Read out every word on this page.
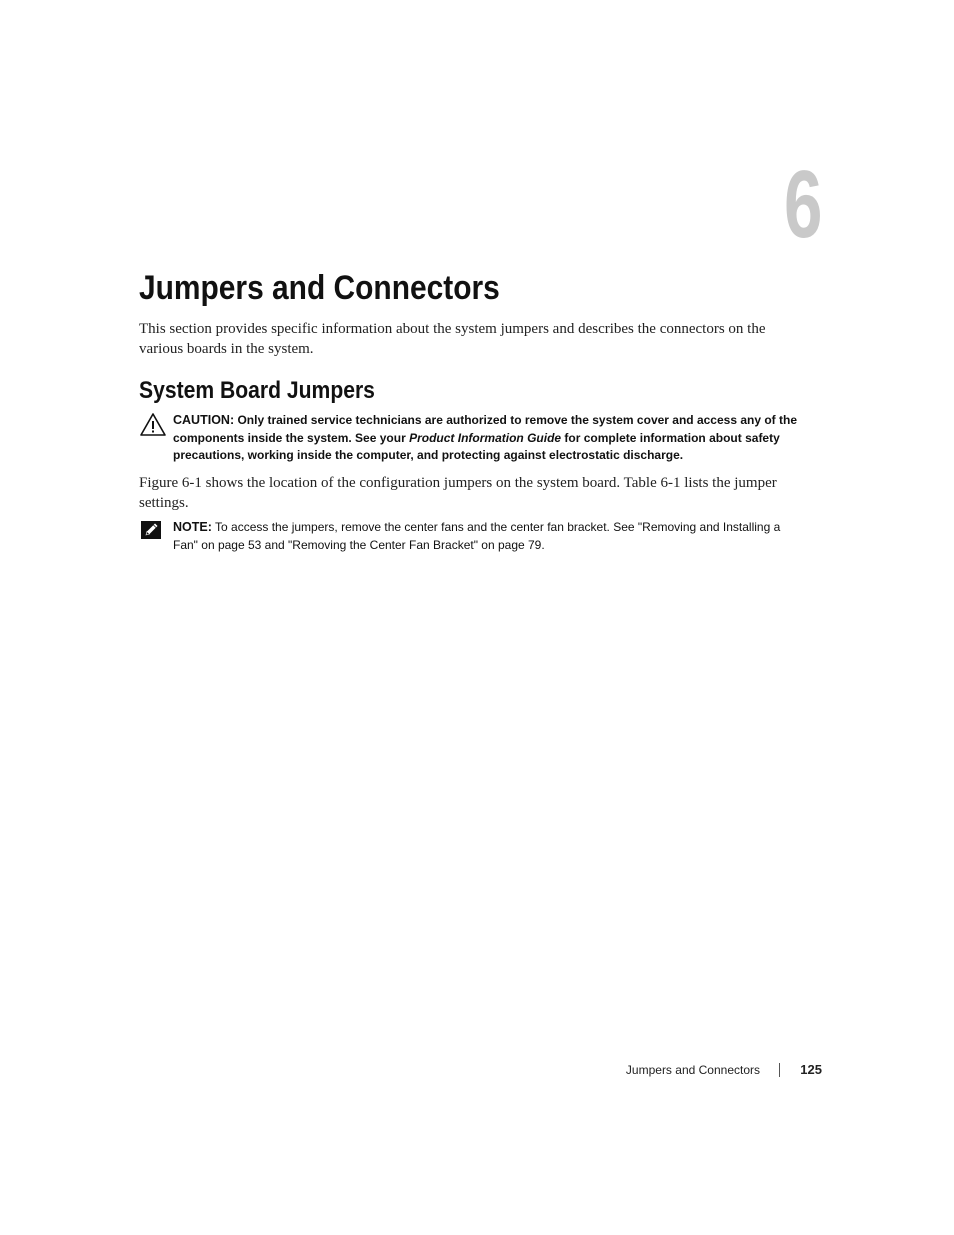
6
Jumpers and Connectors

This section provides specific information about the system jumpers and describes the connectors on the various boards in the system.

System Board Jumpers
CAUTION: Only trained service technicians are authorized to remove the system cover and access any of the components inside the system. See your Product Information Guide for complete information about safety precautions, working inside the computer, and protecting against electrostatic discharge.

Figure 6-1 shows the location of the configuration jumpers on the system board. Table 6-1 lists the jumper settings.

NOTE: To access the jumpers, remove the center fans and the center fan bracket. See "Removing and Installing a Fan" on page 53 and "Removing the Center Fan Bracket" on page 79.
Jumpers and Connectors	125
